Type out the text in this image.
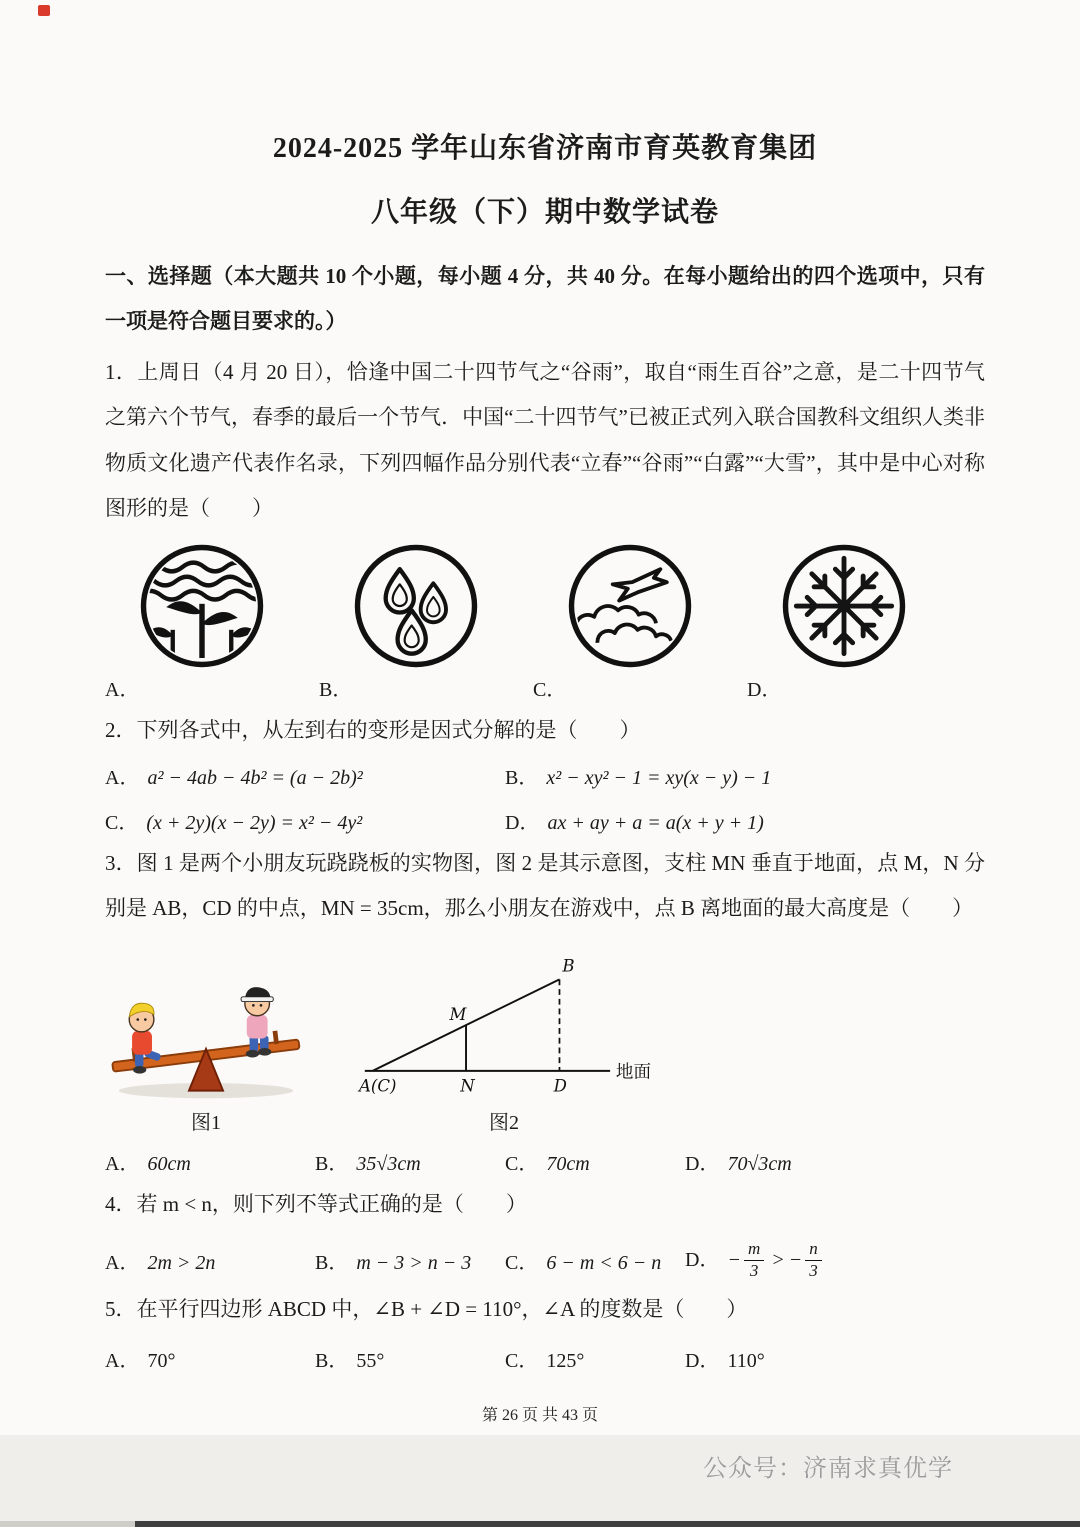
2024-2025 学年山东省济南市育英教育集团
八年级（下）期中数学试卷

一、选择题（本大题共 10 个小题，每小题 4 分，共 40 分。在每小题给出的四个选项中，只有一项是符合题目要求的。）

1．上周日（4 月 20 日），恰逢中国二十四节气之“谷雨”，取自“雨生百谷”之意，是二十四节气之第六个节气，春季的最后一个节气．中国“二十四节气”已被正式列入联合国教科文组织人类非物质文化遗产代表作名录，下列四幅作品分别代表“立春”“谷雨”“白露”“大雪”，其中是中心对称图形的是（　　）

A．	B．	C．	D．

2．下列各式中，从左到右的变形是因式分解的是（　　）

A． a² − 4ab − 4b² = (a − 2b)²	B． x² − xy² − 1 = xy(x − y) − 1
C． (x + 2y)(x − 2y) = x² − 4y²	D． ax + ay + a = a(x + y + 1)

3．图 1 是两个小朋友玩跷跷板的实物图，图 2 是其示意图，支柱 MN 垂直于地面，点 M，N 分别是 AB，CD 的中点，MN = 35cm，那么小朋友在游戏中，点 B 离地面的最大高度是（　　）

图1
B
M
A(C)	N	D
地面
图2
A． 60cm	B． 35√3cm	C． 70cm	D． 70√3cm

4．若 m < n，则下列不等式正确的是（　　）

A． 2m > 2n	B． m − 3 > n − 3	C． 6 − m < 6 − n	D． − $\frac{m}{3}$ > − $\frac{n}{3}$

5．在平行四边形 ABCD 中，∠B + ∠D = 110°，∠A 的度数是（　　）

A． 70°	B． 55°	C． 125°	D． 110°
第 26 页 共 43 页
公众号：济南求真优学
